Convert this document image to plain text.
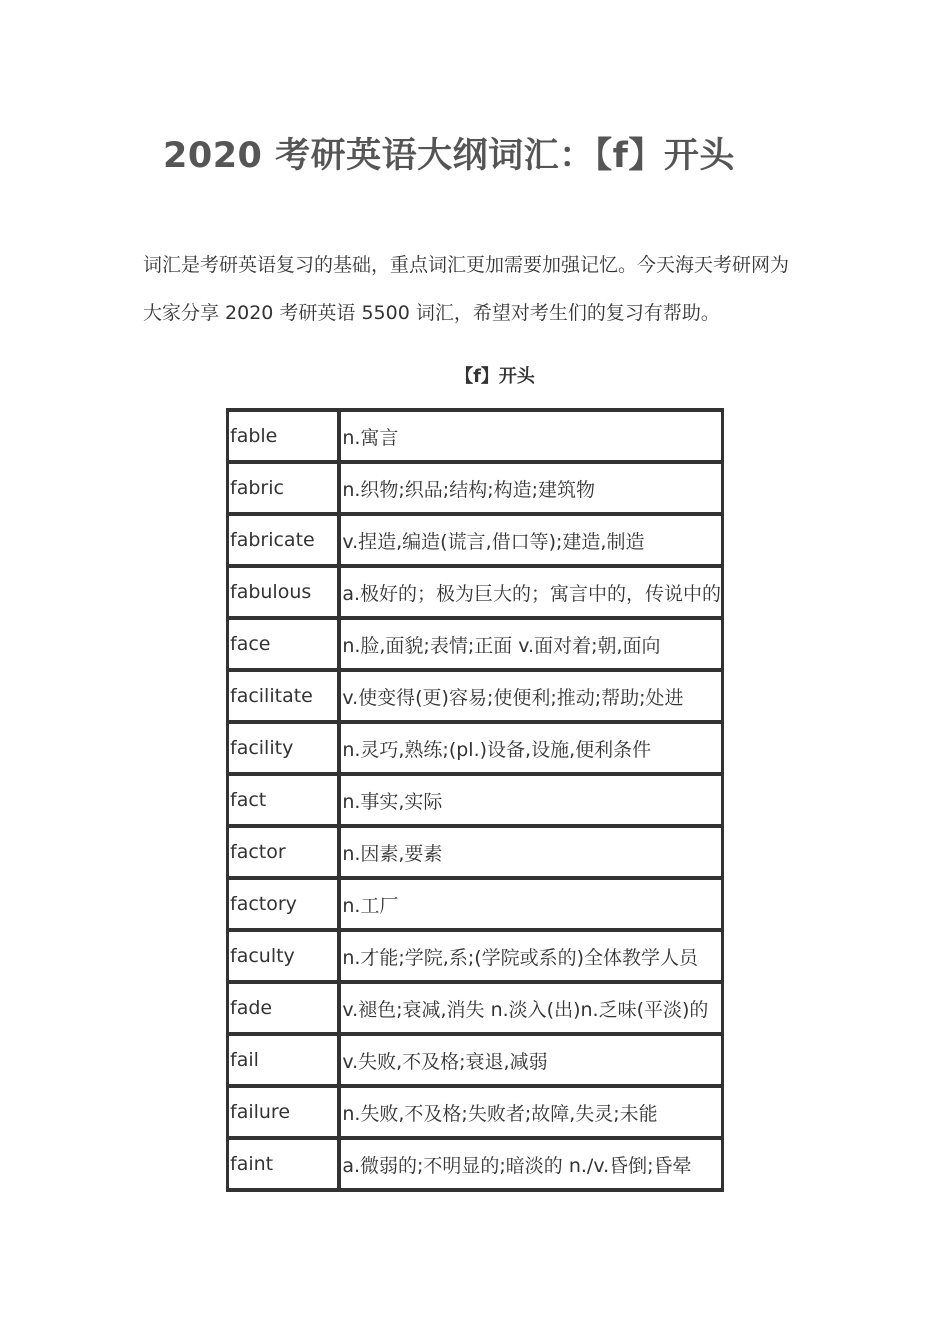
2020 考研英语大纲词汇：【f】开头
词汇是考研英语复习的基础，重点词汇更加需要加强记忆。今天海天考研网为
大家分享 2020 考研英语 5500 词汇，希望对考生们的复习有帮助。
【f】开头
fable	n.寓言
fabric	n.织物;织品;结构;构造;建筑物
fabricate	v.捏造,编造(谎言,借口等);建造,制造
fabulous	a.极好的；极为巨大的；寓言中的，传说中的
face	n.脸,面貌;表情;正面 v.面对着;朝,面向
facilitate	v.使变得(更)容易;使便利;推动;帮助;处进
facility	n.灵巧,熟练;(pl.)设备,设施,便利条件
fact	n.事实,实际
factor	n.因素,要素
factory	n.工厂
faculty	n.才能;学院,系;(学院或系的)全体教学人员
fade	v.褪色;衰减,消失 n.淡入(出)n.乏味(平淡)的
fail	v.失败,不及格;衰退,减弱
failure	n.失败,不及格;失败者;故障,失灵;未能
faint	a.微弱的;不明显的;暗淡的 n./v.昏倒;昏晕
